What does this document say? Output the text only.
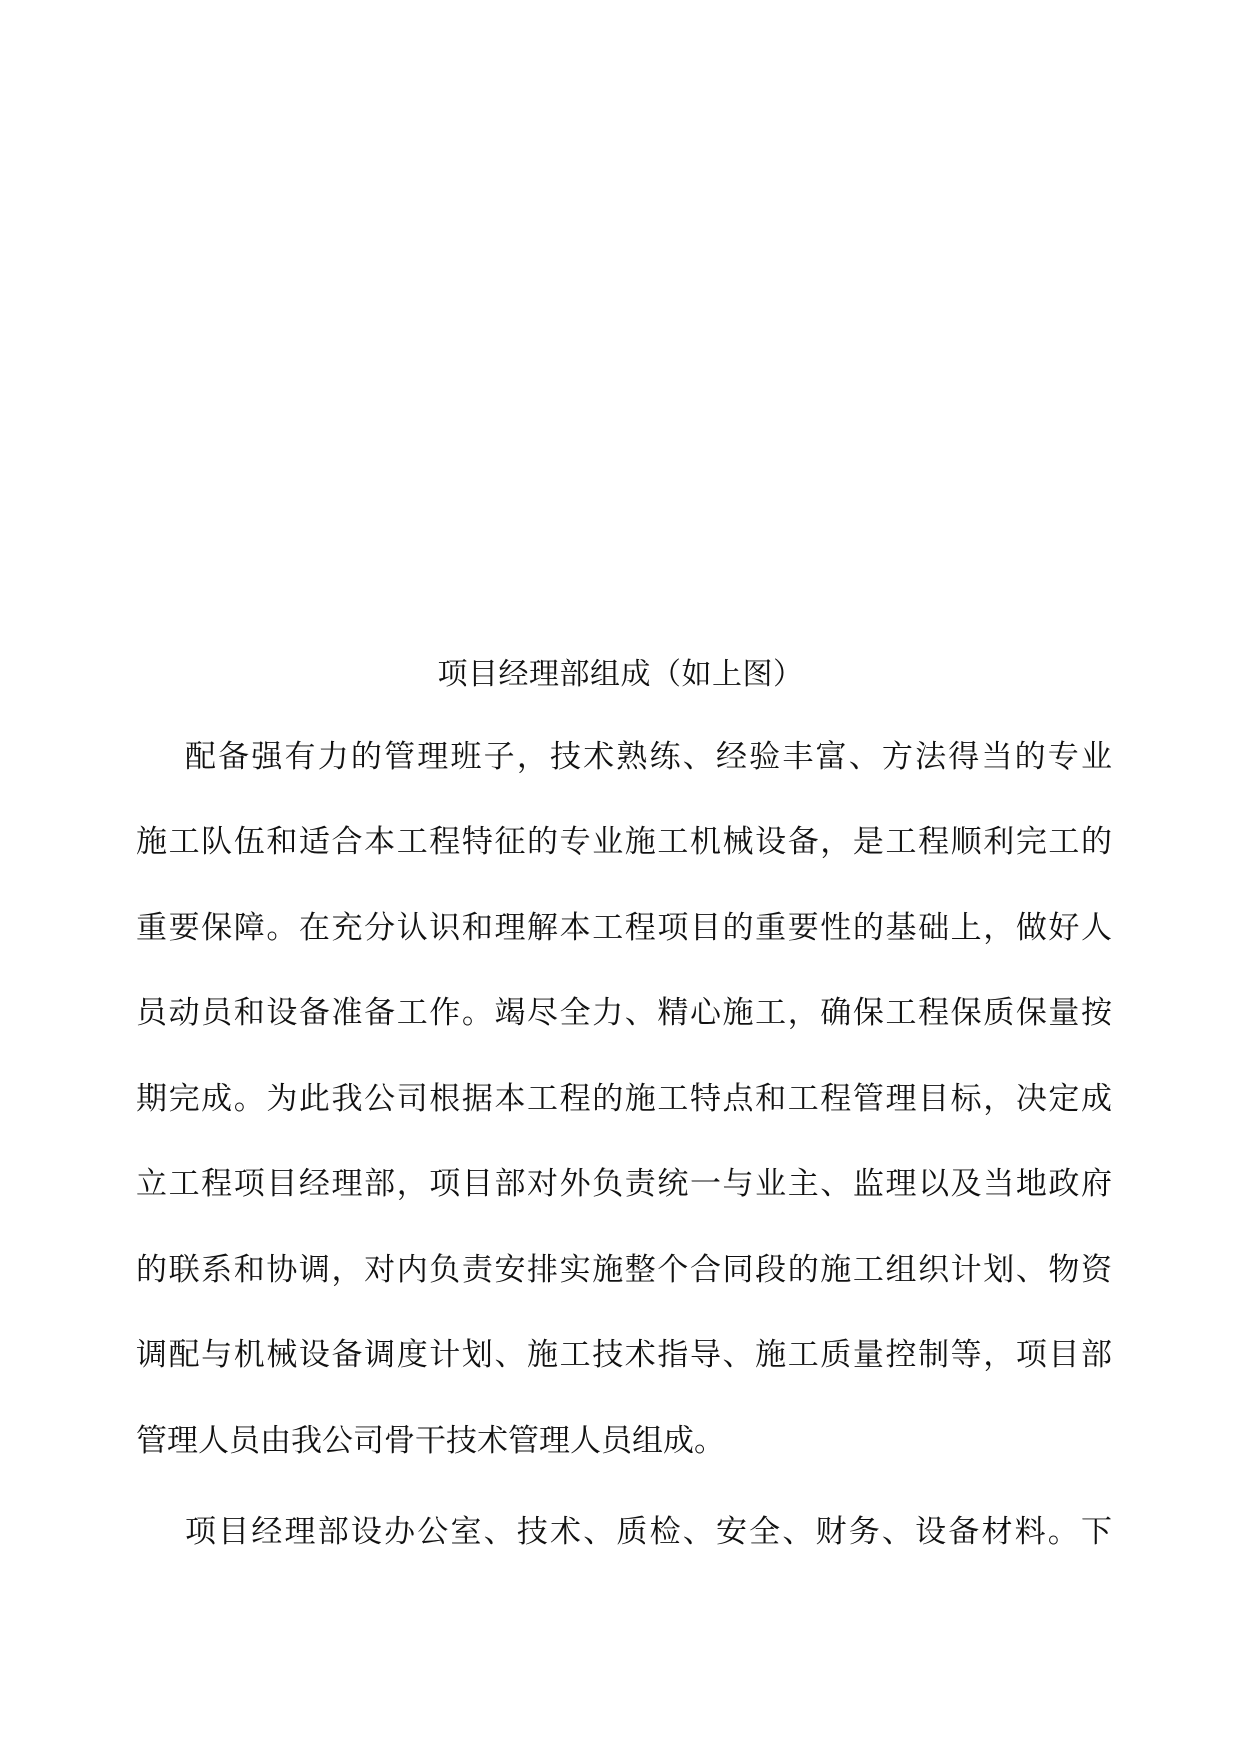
项目经理部组成（如上图）
配备强有力的管理班子，技术熟练、经验丰富、方法得当的专业
施工队伍和适合本工程特征的专业施工机械设备，是工程顺利完工的
重要保障。在充分认识和理解本工程项目的重要性的基础上，做好人
员动员和设备准备工作。竭尽全力、精心施工，确保工程保质保量按
期完成。为此我公司根据本工程的施工特点和工程管理目标，决定成
立工程项目经理部，项目部对外负责统一与业主、监理以及当地政府
的联系和协调，对内负责安排实施整个合同段的施工组织计划、物资
调配与机械设备调度计划、施工技术指导、施工质量控制等，项目部
管理人员由我公司骨干技术管理人员组成。
项目经理部设办公室、技术、质检、安全、财务、设备材料。下
